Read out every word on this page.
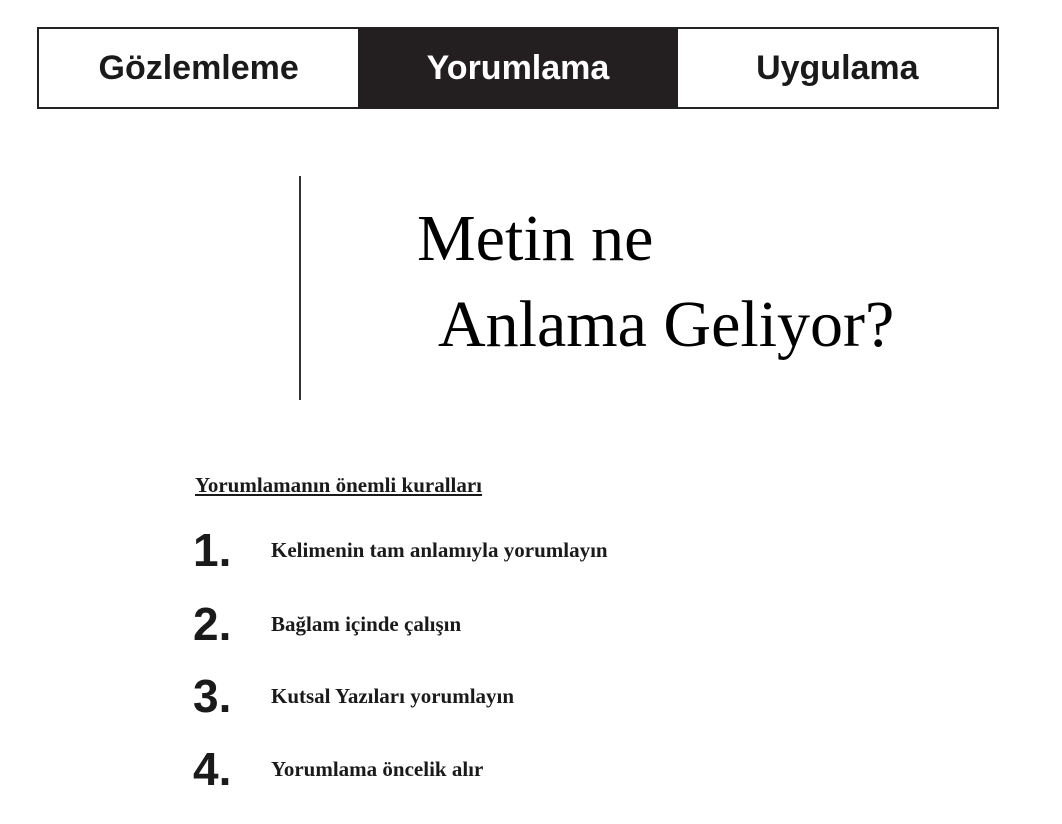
Gözlemleme	Yorumlama	Uygulama
Metin ne
Anlama Geliyor?
Yorumlamanın önemli kuralları
1.	Kelimenin tam anlamıyla yorumlayın
2.	Bağlam içinde çalışın
3.	Kutsal Yazıları yorumlayın
4.	Yorumlama öncelik alır
